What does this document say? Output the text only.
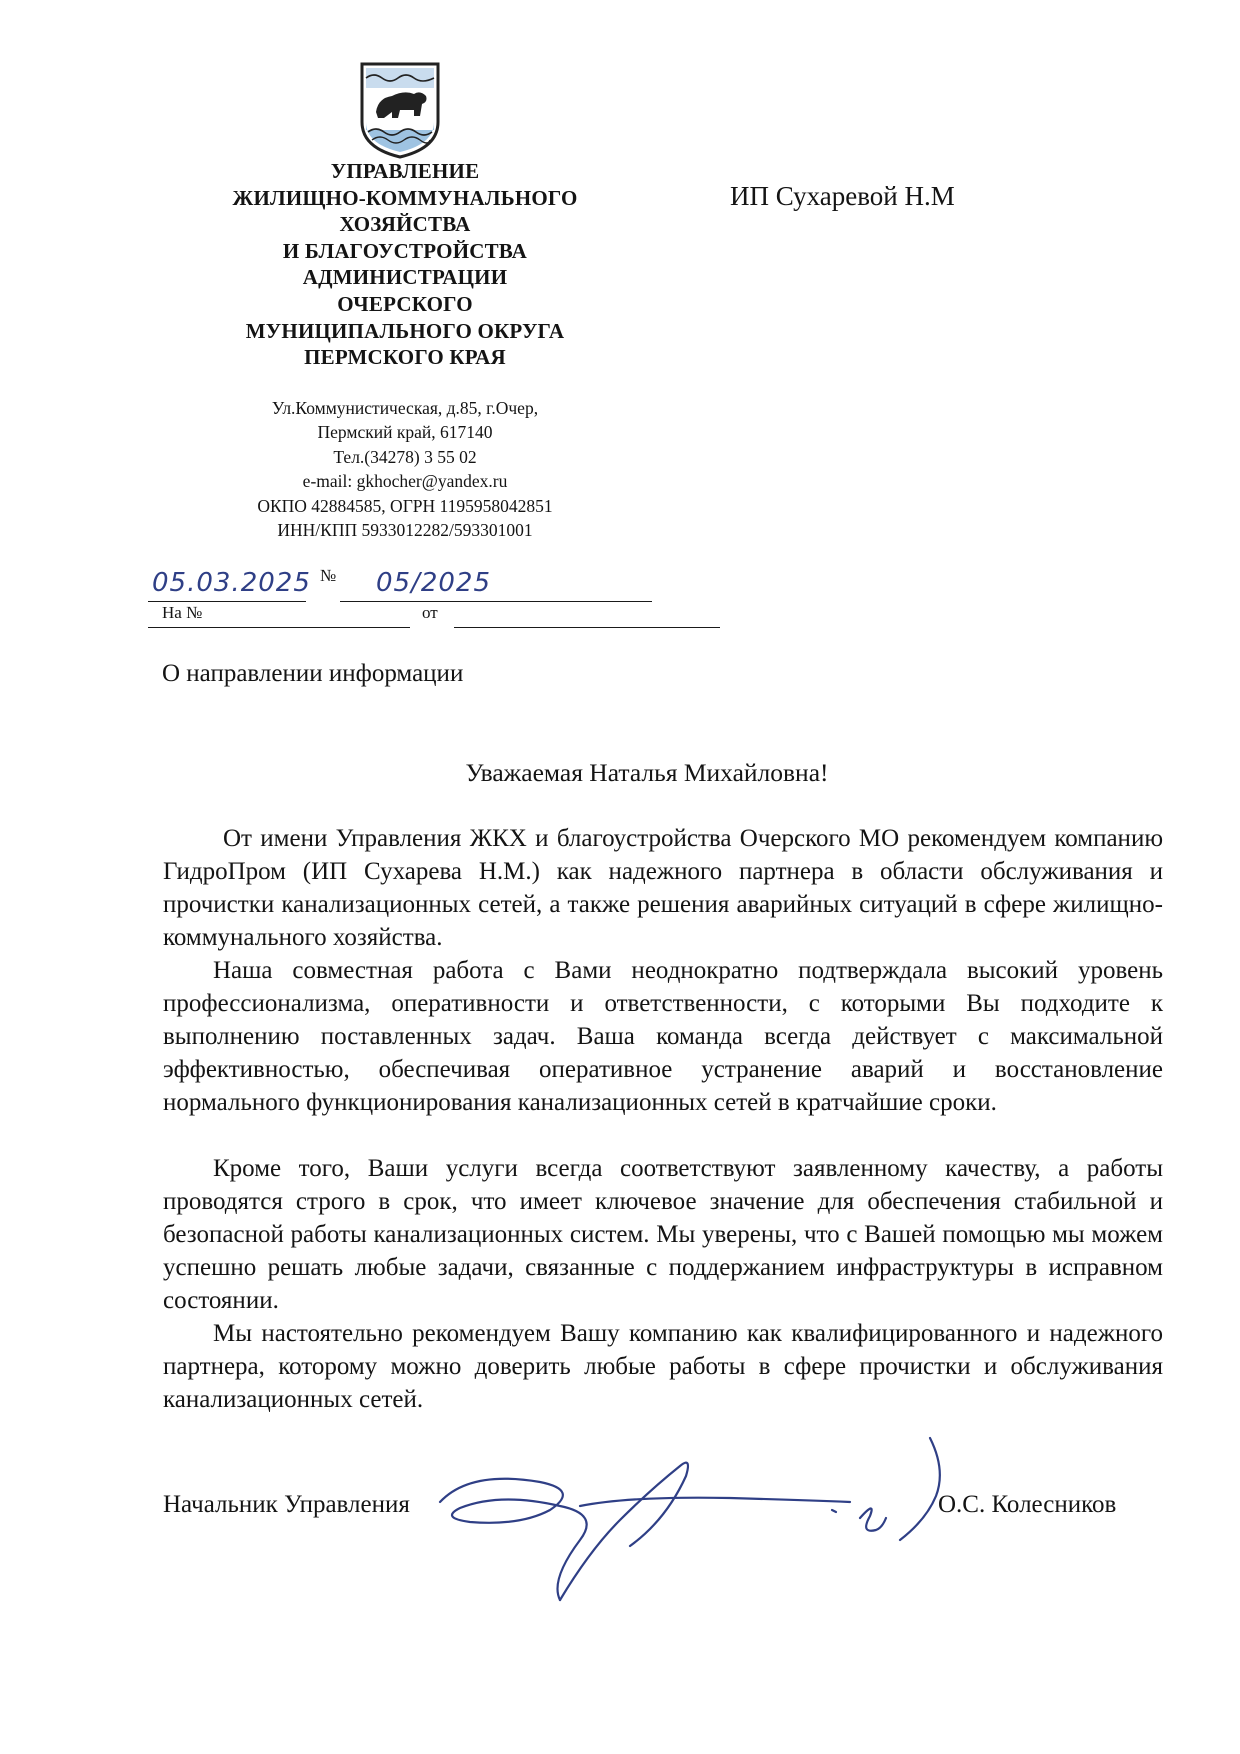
УПРАВЛЕНИЕ
ЖИЛИЩНО-КОММУНАЛЬНОГО
ХОЗЯЙСТВА
И БЛАГОУСТРОЙСТВА
АДМИНИСТРАЦИИ
ОЧЕРСКОГО
МУНИЦИПАЛЬНОГО ОКРУГА
ПЕРМСКОГО КРАЯ
Ул.Коммунистическая, д.85, г.Очер,
Пермский край, 617140
Тел.(34278) 3 55 02
e-mail: gkhocher@yandex.ru
ОКПО 42884585, ОГРН 1195958042851
ИНН/КПП 5933012282/593301001
ИП Сухаревой Н.М
05.03.2025 № 05/2025
На №	от
О направлении информации
Уважаемая Наталья Михайловна!

От имени Управления ЖКХ и благоустройства Очерского МО рекомендуем компанию ГидроПром (ИП Сухарева Н.М.) как надежного партнера в области обслуживания и прочистки канализационных сетей, а также решения аварийных ситуаций в сфере жилищно-коммунального хозяйства.

Наша совместная работа с Вами неоднократно подтверждала высокий уровень профессионализма, оперативности и ответственности, с которыми Вы подходите к выполнению поставленных задач. Ваша команда всегда действует с максимальной эффективностью, обеспечивая оперативное устранение аварий и восстановление нормального функционирования канализационных сетей в кратчайшие сроки.

Кроме того, Ваши услуги всегда соответствуют заявленному качеству, а работы проводятся строго в срок, что имеет ключевое значение для обеспечения стабильной и безопасной работы канализационных систем. Мы уверены, что с Вашей помощью мы можем успешно решать любые задачи, связанные с поддержанием инфраструктуры в исправном состоянии.

Мы настоятельно рекомендуем Вашу компанию как квалифицированного и надежного партнера, которому можно доверить любые работы в сфере прочистки и обслуживания канализационных сетей.

Начальник Управления	О.С. Колесников
